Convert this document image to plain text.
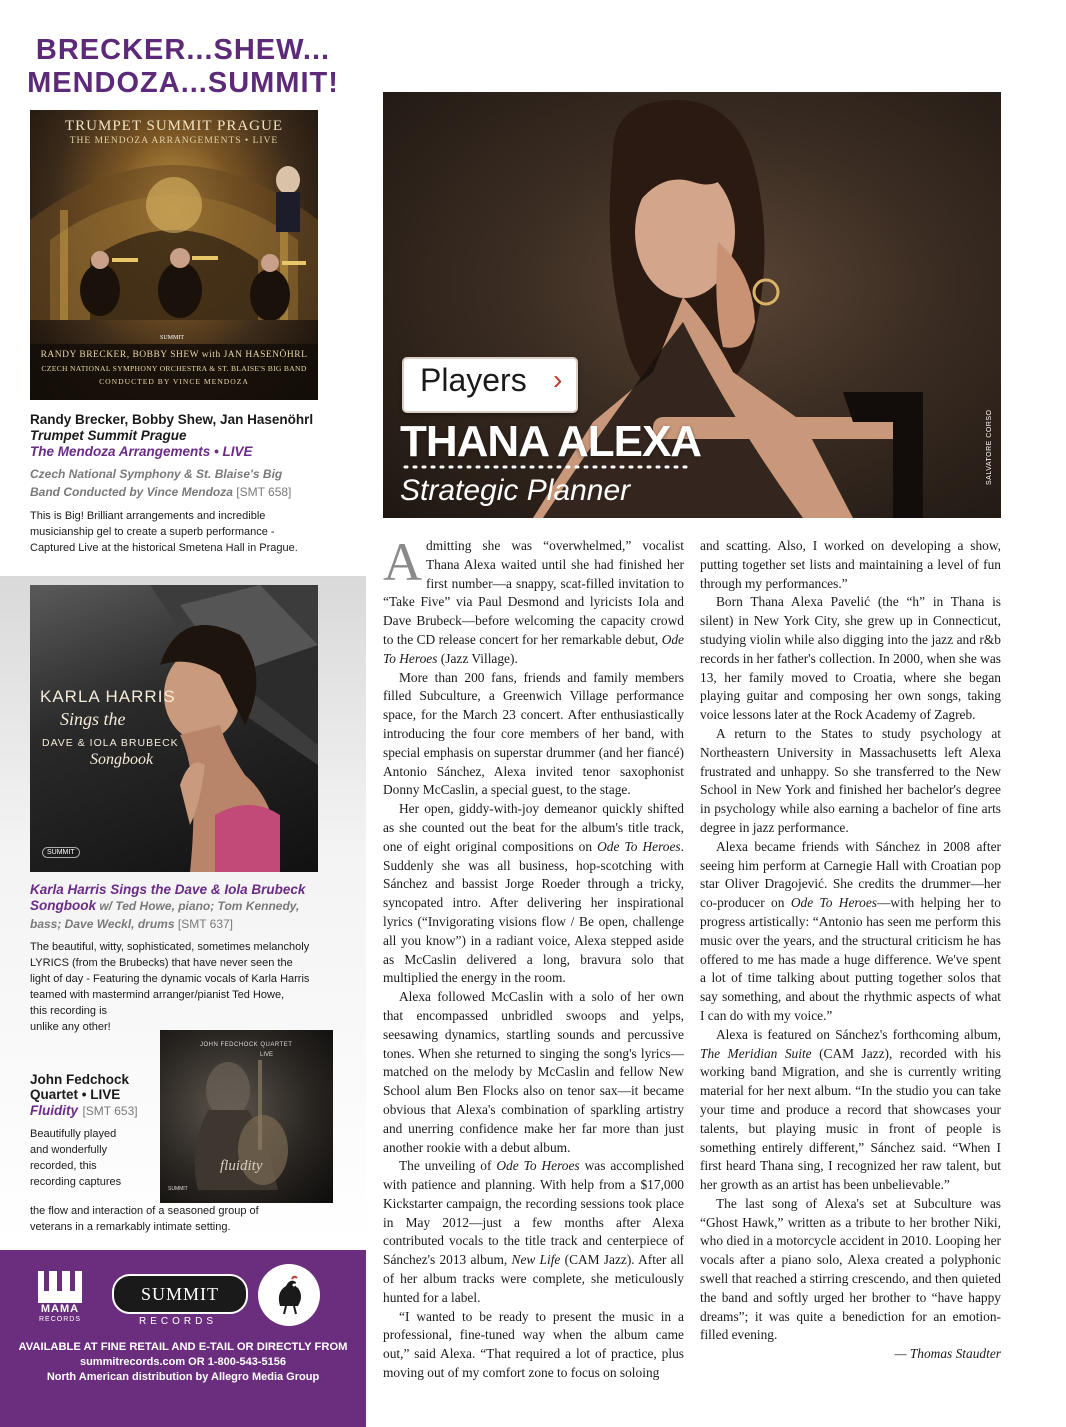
BRECKER...SHEW...
MENDOZA...SUMMIT!
TRUMPET SUMMIT PRAGUE
THE MENDOZA ARRANGEMENTS • LIVE
SUMMIT
RANDY BRECKER, BOBBY SHEW with JAN HASENÖHRL
CZECH NATIONAL SYMPHONY ORCHESTRA & ST. BLAISE'S BIG BAND
CONDUCTED BY VINCE MENDOZA
Randy Brecker, Bobby Shew, Jan Hasenöhrl
Trumpet Summit Prague
The Mendoza Arrangements • LIVE
Czech National Symphony & St. Blaise's Big
Band Conducted by Vince Mendoza [SMT 658]
This is Big! Brilliant arrangements and incredible
musicianship gel to create a superb performance -
Captured Live at the historical Smetena Hall in Prague.
KARLA HARRIS
Sings the
DAVE & IOLA BRUBECK
Songbook
SUMMIT
Karla Harris Sings the Dave & Iola Brubeck
Songbook w/ Ted Howe, piano; Tom Kennedy,
bass; Dave Weckl, drums [SMT 637]
The beautiful, witty, sophisticated, sometimes melancholy
LYRICS (from the Brubecks) that have never seen the
light of day - Featuring the dynamic vocals of Karla Harris
teamed with mastermind arranger/pianist Ted Howe,
this recording is
unlike any other!
JOHN FEDCHOCK QUARTET
LIVE
fluidity
SUMMIT
John Fedchock
Quartet • LIVE
Fluidity [SMT 653]
Beautifully played
and wonderfully
recorded, this
recording captures
the flow and interaction of a seasoned group of
veterans in a remarkably intimate setting.
MAMA
RECORDS
SUMMIT
RECORDS
AVAILABLE AT FINE RETAIL AND E-TAIL OR DIRECTLY FROM
summitrecords.com OR 1-800-543-5156
North American distribution by Allegro Media Group
Players ›
THANA ALEXA
Strategic Planner
SALVATORE CORSO

Admitting she was “overwhelmed,” vocalist Thana Alexa waited until she had finished her first number—a snappy, scat-filled invitation to “Take Five” via Paul Desmond and lyricists Iola and Dave Brubeck—before welcoming the capacity crowd to the CD release concert for her remarkable debut, Ode To Heroes (Jazz Village).

More than 200 fans, friends and family members filled Subculture, a Greenwich Village performance space, for the March 23 concert. After enthusiastically introducing the four core members of her band, with special emphasis on superstar drummer (and her fiancé) Antonio Sánchez, Alexa invited tenor saxophonist Donny McCaslin, a special guest, to the stage.

Her open, giddy-with-joy demeanor quickly shifted as she counted out the beat for the album's title track, one of eight original compositions on Ode To Heroes. Suddenly she was all business, hop-scotching with Sánchez and bassist Jorge Roeder through a tricky, syncopated intro. After delivering her inspirational lyrics (“Invigorating visions flow / Be open, challenge all you know”) in a radiant voice, Alexa stepped aside as McCaslin delivered a long, bravura solo that multiplied the energy in the room.

Alexa followed McCaslin with a solo of her own that encompassed unbridled swoops and yelps, seesawing dynamics, startling sounds and percussive tones. When she returned to singing the song's lyrics—matched on the melody by McCaslin and fellow New School alum Ben Flocks also on tenor sax—it became obvious that Alexa's combination of sparkling artistry and unerring confidence make her far more than just another rookie with a debut album.

The unveiling of Ode To Heroes was accomplished with patience and planning. With help from a $17,000 Kickstarter campaign, the recording sessions took place in May 2012—just a few months after Alexa contributed vocals to the title track and centerpiece of Sánchez's 2013 album, New Life (CAM Jazz). After all of her album tracks were complete, she meticulously hunted for a label.

“I wanted to be ready to present the music in a professional, fine-tuned way when the album came out,” said Alexa. “That required a lot of practice, plus moving out of my comfort zone to focus on soloing

and scatting. Also, I worked on developing a show, putting together set lists and maintaining a level of fun through my performances.”

Born Thana Alexa Pavelić (the “h” in Thana is silent) in New York City, she grew up in Connecticut, studying violin while also digging into the jazz and r&b records in her father's collection. In 2000, when she was 13, her family moved to Croatia, where she began playing guitar and composing her own songs, taking voice lessons later at the Rock Academy of Zagreb.

A return to the States to study psychology at Northeastern University in Massachusetts left Alexa frustrated and unhappy. So she transferred to the New School in New York and finished her bachelor's degree in psychology while also earning a bachelor of fine arts degree in jazz performance.

Alexa became friends with Sánchez in 2008 after seeing him perform at Carnegie Hall with Croatian pop star Oliver Dragojević. She credits the drummer—her co-producer on Ode To Heroes—with helping her to progress artistically: “Antonio has seen me perform this music over the years, and the structural criticism he has offered to me has made a huge difference. We've spent a lot of time talking about putting together solos that say something, and about the rhythmic aspects of what I can do with my voice.”

Alexa is featured on Sánchez's forthcoming album, The Meridian Suite (CAM Jazz), recorded with his working band Migration, and she is currently writing material for her next album. “In the studio you can take your time and produce a record that showcases your talents, but playing music in front of people is something entirely different,” Sánchez said. “When I first heard Thana sing, I recognized her raw talent, but her growth as an artist has been unbelievable.”

The last song of Alexa's set at Subculture was “Ghost Hawk,” written as a tribute to her brother Niki, who died in a motorcycle accident in 2010. Looping her vocals after a piano solo, Alexa created a polyphonic swell that reached a stirring crescendo, and then quieted the band and softly urged her brother to “have happy dreams”; it was quite a benediction for an emotion-filled evening.

— Thomas Staudter
